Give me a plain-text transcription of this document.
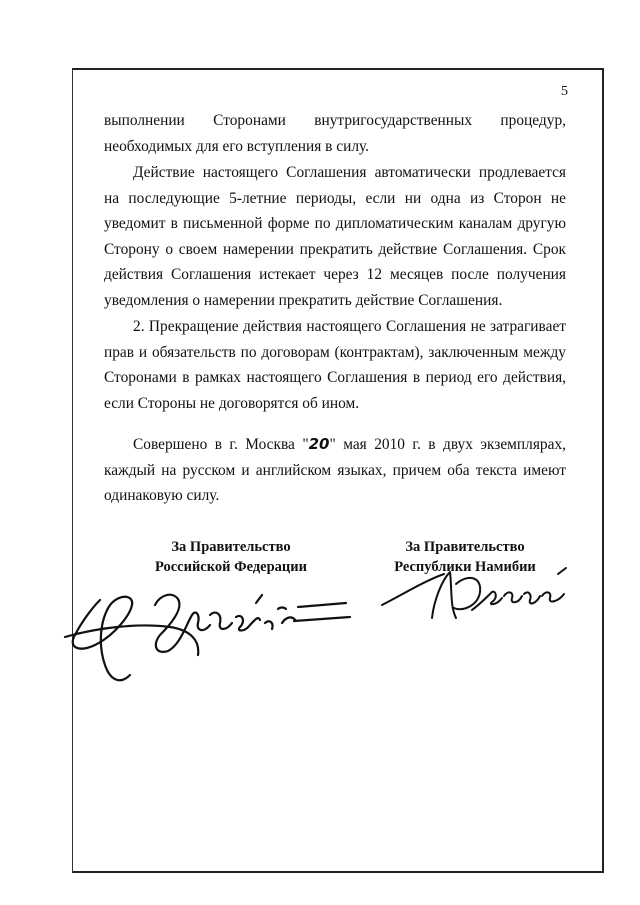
5

выполнении Сторонами внутригосударственных процедур, необходимых для его вступления в силу.

Действие настоящего Соглашения автоматически продлевается на последующие 5-летние периоды, если ни одна из Сторон не уведомит в письменной форме по дипломатическим каналам другую Сторону о своем намерении прекратить действие Соглашения. Срок действия Соглашения истекает через 12 месяцев после получения уведомления о намерении прекратить действие Соглашения.

2. Прекращение действия настоящего Соглашения не затрагивает прав и обязательств по договорам (контрактам), заключенным между Сторонами в рамках настоящего Соглашения в период его действия, если Стороны не договорятся об ином.

Совершено в г. Москва "20" мая 2010 г. в двух экземплярах, каждый на русском и английском языках, причем оба текста имеют одинаковую силу.

За Правительство
Российской Федерации
За Правительство
Республики Намибии
